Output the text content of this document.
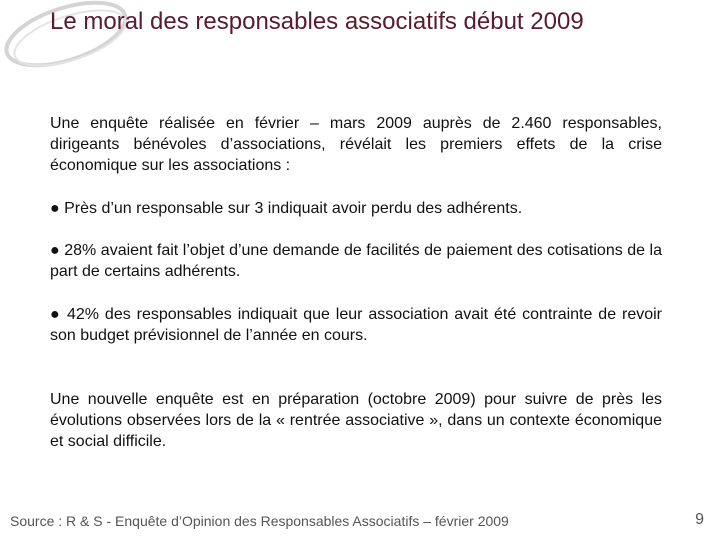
Le moral des responsables associatifs début 2009

Une enquête réalisée en février – mars 2009 auprès de 2.460 responsables, dirigeants bénévoles d’associations, révélait les premiers effets de la crise économique sur les associations :

● Près d’un responsable sur 3 indiquait avoir perdu des adhérents.

● 28% avaient fait l’objet d’une demande de facilités de paiement des cotisations de la part de certains adhérents.

● 42% des responsables indiquait que leur association avait été contrainte de revoir son budget prévisionnel de l’année en cours.

Une nouvelle enquête est en préparation (octobre 2009) pour suivre de près les évolutions observées lors de la « rentrée associative », dans un contexte économique et social difficile.

Source : R & S - Enquête d’Opinion des Responsables Associatifs – février 2009	9
